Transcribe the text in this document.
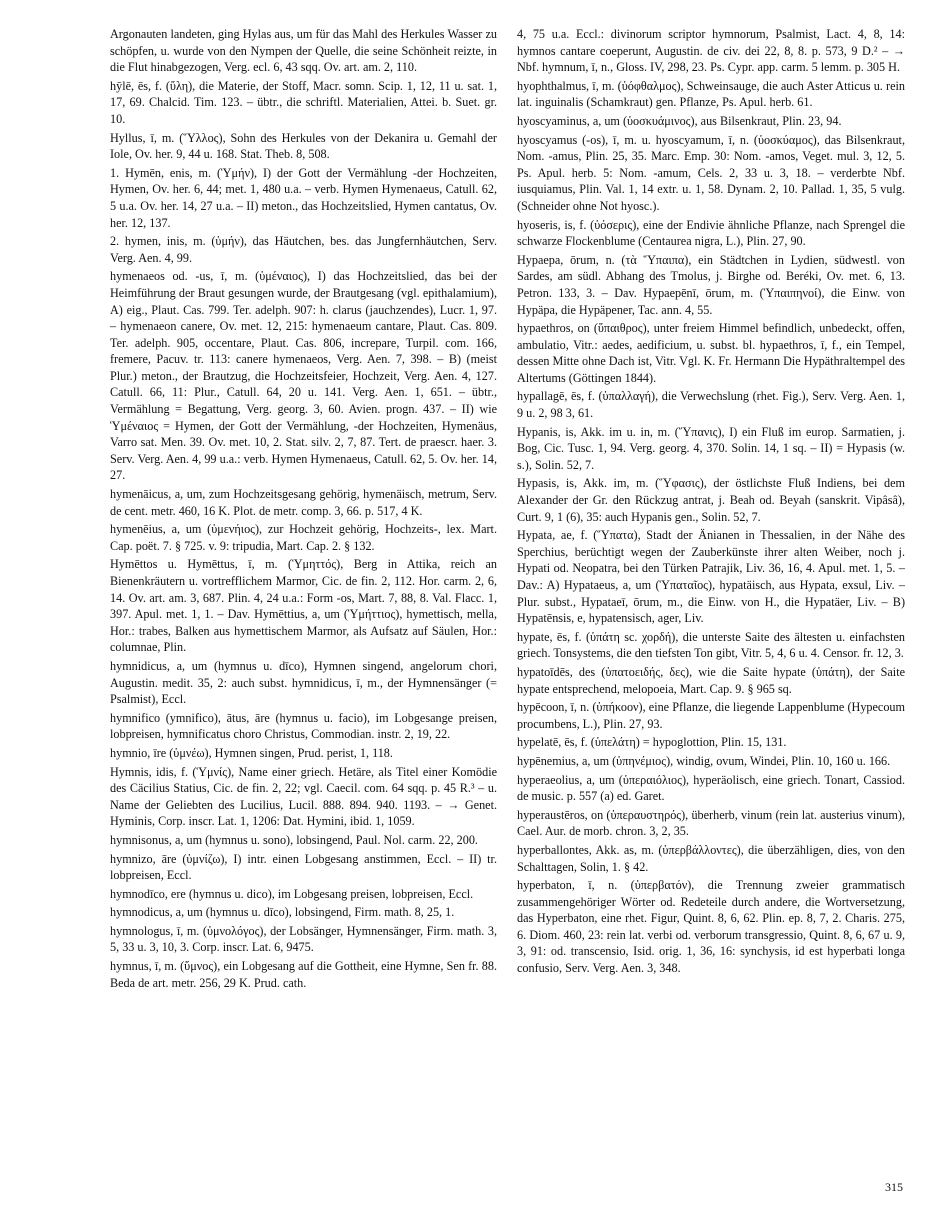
Argonauten landeten, ging Hylas aus, um für das Mahl des Herkules Wasser zu schöpfen, u. wurde von den Nympen der Quelle, die seine Schönheit reizte, in die Flut hinabgezogen, Verg. ecl. 6, 43 sqq. Ov. art. am. 2, 110.

hȳlē, ēs, f. (ὕλη), die Materie, der Stoff, Macr. somn. Scip. 1, 12, 11 u. sat. 1, 17, 69. Chalcid. Tim. 123. – übtr., die schriftl. Materialien, Attei. b. Suet. gr. 10.

Hyllus, ī, m. (Ὕλλος), Sohn des Herkules von der Dekanira u. Gemahl der Iole, Ov. her. 9, 44 u. 168. Stat. Theb. 8, 508.

1. Hymēn, enis, m. (Ὑμήν), I) der Gott der Vermählung -der Hochzeiten, Hymen, Ov. her. 6, 44; met. 1, 480 u.a. – verb. Hymen Hymenaeus, Catull. 62, 5 u.a. Ov. her. 14, 27 u.a. – II) meton., das Hochzeitslied, Hymen cantatus, Ov. her. 12, 137.

2. hymen, inis, m. (ὑμήν), das Häutchen, bes. das Jungfernhäutchen, Serv. Verg. Aen. 4, 99.

hymenaeos od. -us, ī, m. (ὑμέναιος), I) das Hochzeitslied, das bei der Heimführung der Braut gesungen wurde, der Brautgesang (vgl. epithalamium), A) eig., Plaut. Cas. 799. Ter. adelph. 907: h. clarus (jauchzendes), Lucr. 1, 97. – hymenaeon canere, Ov. met. 12, 215: hymenaeum cantare, Plaut. Cas. 809. Ter. adelph. 905, occentare, Plaut. Cas. 806, increpare, Turpil. com. 166, fremere, Pacuv. tr. 113: canere hymenaeos, Verg. Aen. 7, 398. – B) (meist Plur.) meton., der Brautzug, die Hochzeitsfeier, Hochzeit, Verg. Aen. 4, 127. Catull. 66, 11: Plur., Catull. 64, 20 u. 141. Verg. Aen. 1, 651. – übtr., Vermählung = Begattung, Verg. georg. 3, 60. Avien. progn. 437. – II) wie Ὑμέναιος = Hymen, der Gott der Vermählung, -der Hochzeiten, Hymenäus, Varro sat. Men. 39. Ov. met. 10, 2. Stat. silv. 2, 7, 87. Tert. de praescr. haer. 3. Serv. Verg. Aen. 4, 99 u.a.: verb. Hymen Hymenaeus, Catull. 62, 5. Ov. her. 14, 27.

hymenāicus, a, um, zum Hochzeitsgesang gehörig, hymenäisch, metrum, Serv. de cent. metr. 460, 16 K. Plot. de metr. comp. 3, 66. p. 517, 4 K.

hymenēius, a, um (ὑμενήιος), zur Hochzeit gehörig, Hochzeits-, lex. Mart. Cap. poët. 7. § 725. v. 9: tripudia, Mart. Cap. 2. § 132.

Hymēttos u. Hymēttus, ī, m. (Ὑμηττός), Berg in Attika, reich an Bienenkräutern u. vortrefflichem Marmor, Cic. de fin. 2, 112. Hor. carm. 2, 6, 14. Ov. art. am. 3, 687. Plin. 4, 24 u.a.: Form -os, Mart. 7, 88, 8. Val. Flacc. 1, 397. Apul. met. 1, 1. – Dav. Hymēttius, a, um (Ὑμήττιος), hymettisch, mella, Hor.: trabes, Balken aus hymettischem Marmor, als Aufsatz auf Säulen, Hor.: columnae, Plin.

hymnidicus, a, um (hymnus u. dīco), Hymnen singend, angelorum chori, Augustin. medit. 35, 2: auch subst. hymnidicus, ī, m., der Hymnensänger (= Psalmist), Eccl.

hymnifico (ymnifico), ātus, āre (hymnus u. facio), im Lobgesange preisen, lobpreisen, hymnificatus choro Christus, Commodian. instr. 2, 19, 22.

hymnio, īre (ὑμνέω), Hymnen singen, Prud. perist, 1, 118.

Hymnis, idis, f. (Ὑμνίς), Name einer griech. Hetäre, als Titel einer Komödie des Cäcilius Statius, Cic. de fin. 2, 22; vgl. Caecil. com. 64 sqq. p. 45 R.³ – u. Name der Geliebten des Lucilius, Lucil. 888. 894. 940. 1193. – → Genet. Hyminis, Corp. inscr. Lat. 1, 1206: Dat. Hymini, ibid. 1, 1059.

hymnisonus, a, um (hymnus u. sono), lobsingend, Paul. Nol. carm. 22, 200.

hymnizo, āre (ὑμνίζω), I) intr. einen Lobgesang anstimmen, Eccl. – II) tr. lobpreisen, Eccl.

hymnodīco, ere (hymnus u. dico), im Lobgesang preisen, lobpreisen, Eccl.

hymnodicus, a, um (hymnus u. dīco), lobsingend, Firm. math. 8, 25, 1.

hymnologus, ī, m. (ὑμνολόγος), der Lobsänger, Hymnensänger, Firm. math. 3, 5, 33 u. 3, 10, 3. Corp. inscr. Lat. 6, 9475.

hymnus, ī, m. (ὕμνος), ein Lobgesang auf die Gottheit, eine Hymne, Sen fr. 88. Beda de art. metr. 256, 29 K. Prud. cath.

4, 75 u.a. Eccl.: divinorum scriptor hymnorum, Psalmist, Lact. 4, 8, 14: hymnos cantare coeperunt, Augustin. de civ. dei 22, 8, 8. p. 573, 9 D.² – → Nbf. hymnum, ī, n., Gloss. IV, 298, 23. Ps. Cypr. app. carm. 5 lemm. p. 305 H.

hyophthalmus, ī, m. (ὑόφθαλμος), Schweinsauge, die auch Aster Atticus u. rein lat. inguinalis (Schamkraut) gen. Pflanze, Ps. Apul. herb. 61.

hyoscyaminus, a, um (ὑοσκυάμινος), aus Bilsenkraut, Plin. 23, 94.

hyoscyamus (-os), ī, m. u. hyoscyamum, ī, n. (ὑοσκύαμος), das Bilsenkraut, Nom. -amus, Plin. 25, 35. Marc. Emp. 30: Nom. -amos, Veget. mul. 3, 12, 5. Ps. Apul. herb. 5: Nom. -amum, Cels. 2, 33 u. 3, 18. – verderbte Nbf. iusquiamus, Plin. Val. 1, 14 extr. u. 1, 58. Dynam. 2, 10. Pallad. 1, 35, 5 vulg. (Schneider ohne Not hyosc.).

hyoseris, is, f. (ὑόσερις), eine der Endivie ähnliche Pflanze, nach Sprengel die schwarze Flockenblume (Centaurea nigra, L.), Plin. 27, 90.

Hypaepa, ōrum, n. (τὰ Ὕπαιπα), ein Städtchen in Lydien, südwestl. von Sardes, am südl. Abhang des Tmolus, j. Birghe od. Beréki, Ov. met. 6, 13. Petron. 133, 3. – Dav. Hypaepēnī, ōrum, m. (Ὑπαιπηνοί), die Einw. von Hypäpa, die Hypäpener, Tac. ann. 4, 55.

hypaethros, on (ὕπαιθρος), unter freiem Himmel befindlich, unbedeckt, offen, ambulatio, Vitr.: aedes, aedificium, u. subst. bl. hypaethros, ī, f., ein Tempel, dessen Mitte ohne Dach ist, Vitr. Vgl. K. Fr. Hermann Die Hypäthraltempel des Altertums (Göttingen 1844).

hypallagē, ēs, f. (ὑπαλλαγή), die Verwechslung (rhet. Fig.), Serv. Verg. Aen. 1, 9 u. 2, 98 3, 61.

Hypanis, is, Akk. im u. in, m. (Ὕπανις), I) ein Fluß im europ. Sarmatien, j. Bog, Cic. Tusc. 1, 94. Verg. georg. 4, 370. Solin. 14, 1 sq. – II) = Hypasis (w. s.), Solin. 52, 7.

Hypasis, is, Akk. im, m. (Ὕφασις), der östlichste Fluß Indiens, bei dem Alexander der Gr. den Rückzug antrat, j. Beah od. Beyah (sanskrit. Vipâsâ), Curt. 9, 1 (6), 35: auch Hypanis gen., Solin. 52, 7.

Hypata, ae, f. (Ὕπατα), Stadt der Änianen in Thessalien, in der Nähe des Sperchius, berüchtigt wegen der Zauberkünste ihrer alten Weiber, noch j. Hypati od. Neopatra, bei den Türken Patrajik, Liv. 36, 16, 4. Apul. met. 1, 5. – Dav.: A) Hypataeus, a, um (Ὑπαταῖος), hypatäisch, aus Hypata, exsul, Liv. – Plur. subst., Hypataeī, ōrum, m., die Einw. von H., die Hypatäer, Liv. – B) Hypatēnsis, e, hypatensisch, ager, Liv.

hypate, ēs, f. (ὑπάτη sc. χορδή), die unterste Saite des ältesten u. einfachsten griech. Tonsystems, die den tiefsten Ton gibt, Vitr. 5, 4, 6 u. 4. Censor. fr. 12, 3.

hypatoīdēs, des (ὑπατοειδής, δες), wie die Saite hypate (ὑπάτη), der Saite hypate entsprechend, melopoeia, Mart. Cap. 9. § 965 sq.

hypēcoon, ī, n. (ὑπήκοον), eine Pflanze, die liegende Lappenblume (Hypecoum procumbens, L.), Plin. 27, 93.

hypelatē, ēs, f. (ὑπελάτη) = hypoglottion, Plin. 15, 131.

hypēnemius, a, um (ὑπηνέμιος), windig, ovum, Windei, Plin. 10, 160 u. 166.

hyperaeolius, a, um (ὑπεραιόλιος), hyperäolisch, eine griech. Tonart, Cassiod. de music. p. 557 (a) ed. Garet.

hyperaustēros, on (ὑπεραυστηρός), überherb, vinum (rein lat. austerius vinum), Cael. Aur. de morb. chron. 3, 2, 35.

hyperballontes, Akk. as, m. (ὑπερβάλλοντες), die überzähligen, dies, von den Schalttagen, Solin, 1. § 42.

hyperbaton, ī, n. (ὑπερβατόν), die Trennung zweier grammatisch zusammengehöriger Wörter od. Redeteile durch andere, die Wortversetzung, das Hyperbaton, eine rhet. Figur, Quint. 8, 6, 62. Plin. ep. 8, 7, 2. Charis. 275, 6. Diom. 460, 23: rein lat. verbi od. verborum transgressio, Quint. 8, 6, 67 u. 9, 3, 91: od. transcensio, Isid. orig. 1, 36, 16: synchysis, id est hyperbati longa confusio, Serv. Verg. Aen. 3, 348.

315
